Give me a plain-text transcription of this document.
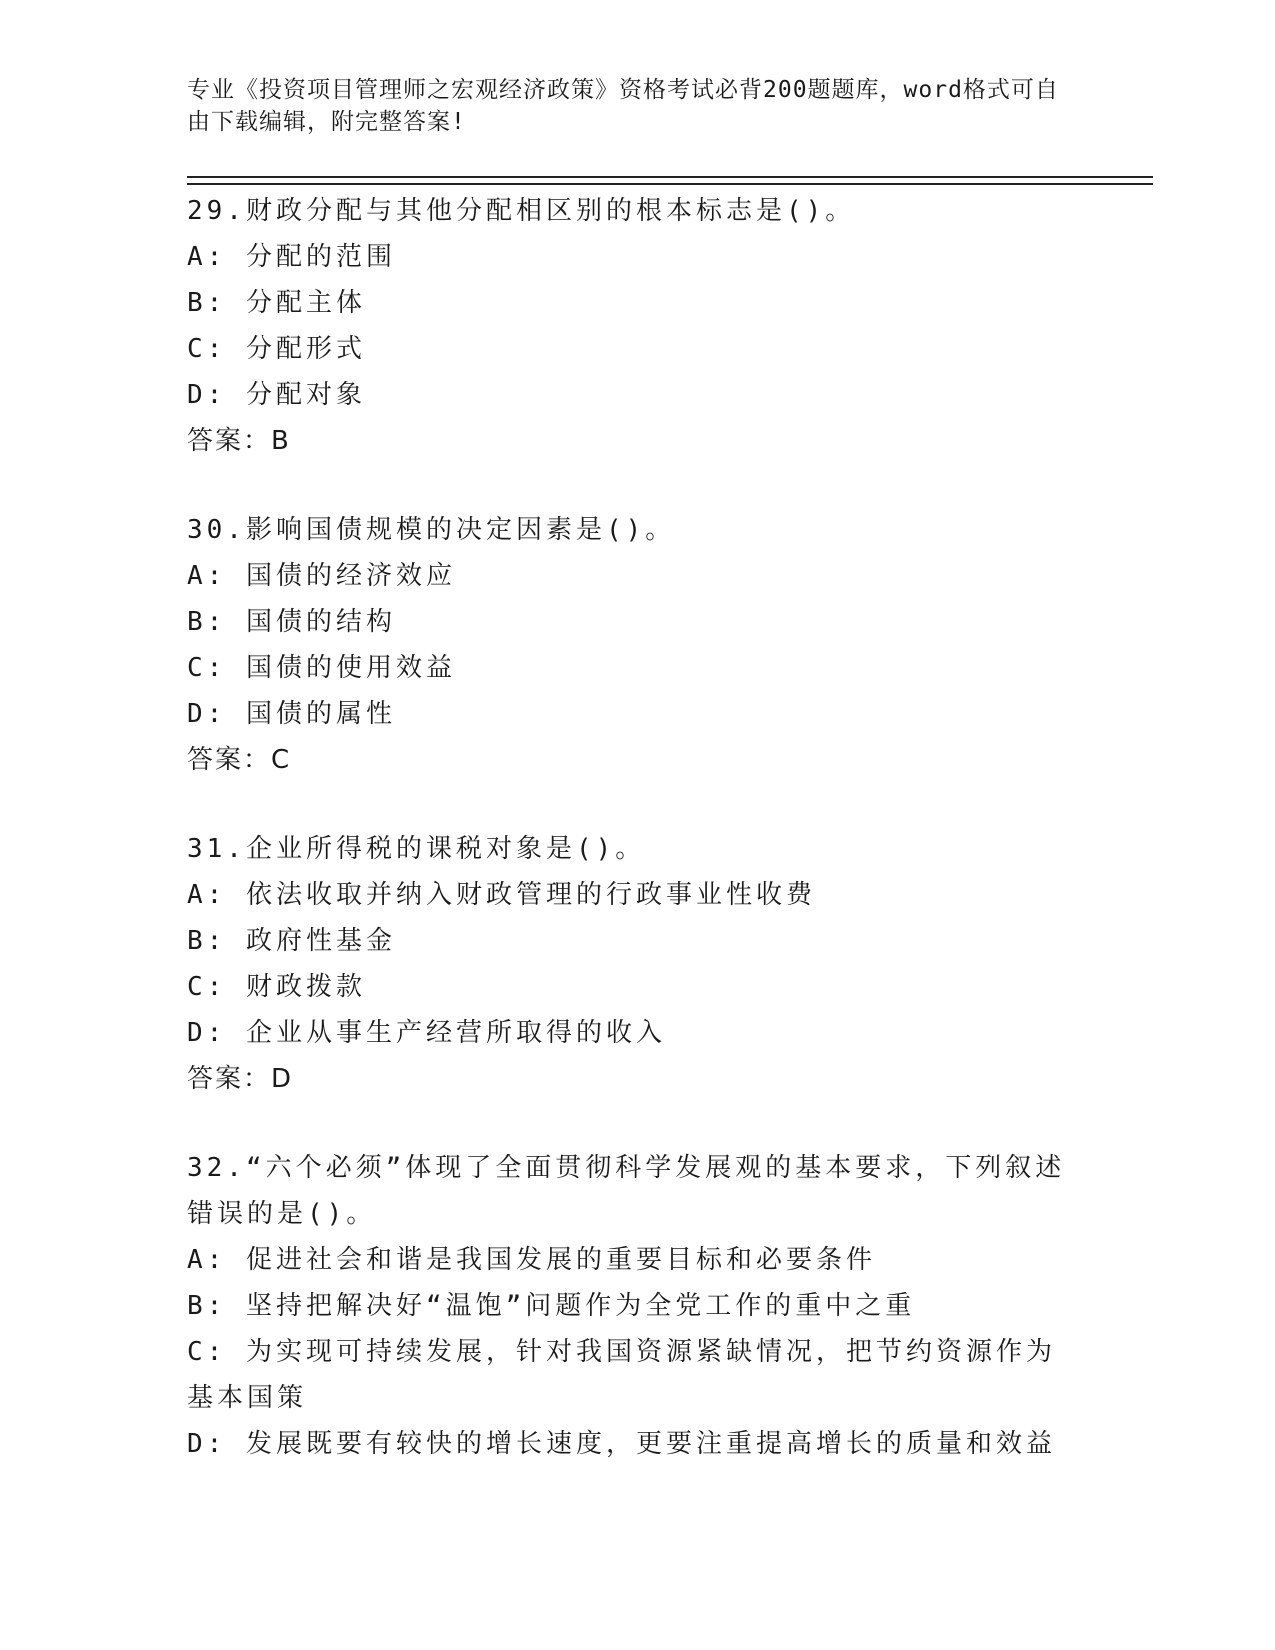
专业《投资项目管理师之宏观经济政策》资格考试必背200题题库，word格式可自由下载编辑，附完整答案!

29.财政分配与其他分配相区别的根本标志是()。

A: 分配的范围

B: 分配主体

C: 分配形式

D: 分配对象

答案：B

30.影响国债规模的决定因素是()。

A: 国债的经济效应

B: 国债的结构

C: 国债的使用效益

D: 国债的属性

答案：C

31.企业所得税的课税对象是()。

A: 依法收取并纳入财政管理的行政事业性收费

B: 政府性基金

C: 财政拨款

D: 企业从事生产经营所取得的收入

答案：D

32.“六个必须”体现了全面贯彻科学发展观的基本要求，下列叙述错误的是()。

A: 促进社会和谐是我国发展的重要目标和必要条件

B: 坚持把解决好“温饱”问题作为全党工作的重中之重

C: 为实现可持续发展，针对我国资源紧缺情况，把节约资源作为基本国策

D: 发展既要有较快的增长速度，更要注重提高增长的质量和效益
